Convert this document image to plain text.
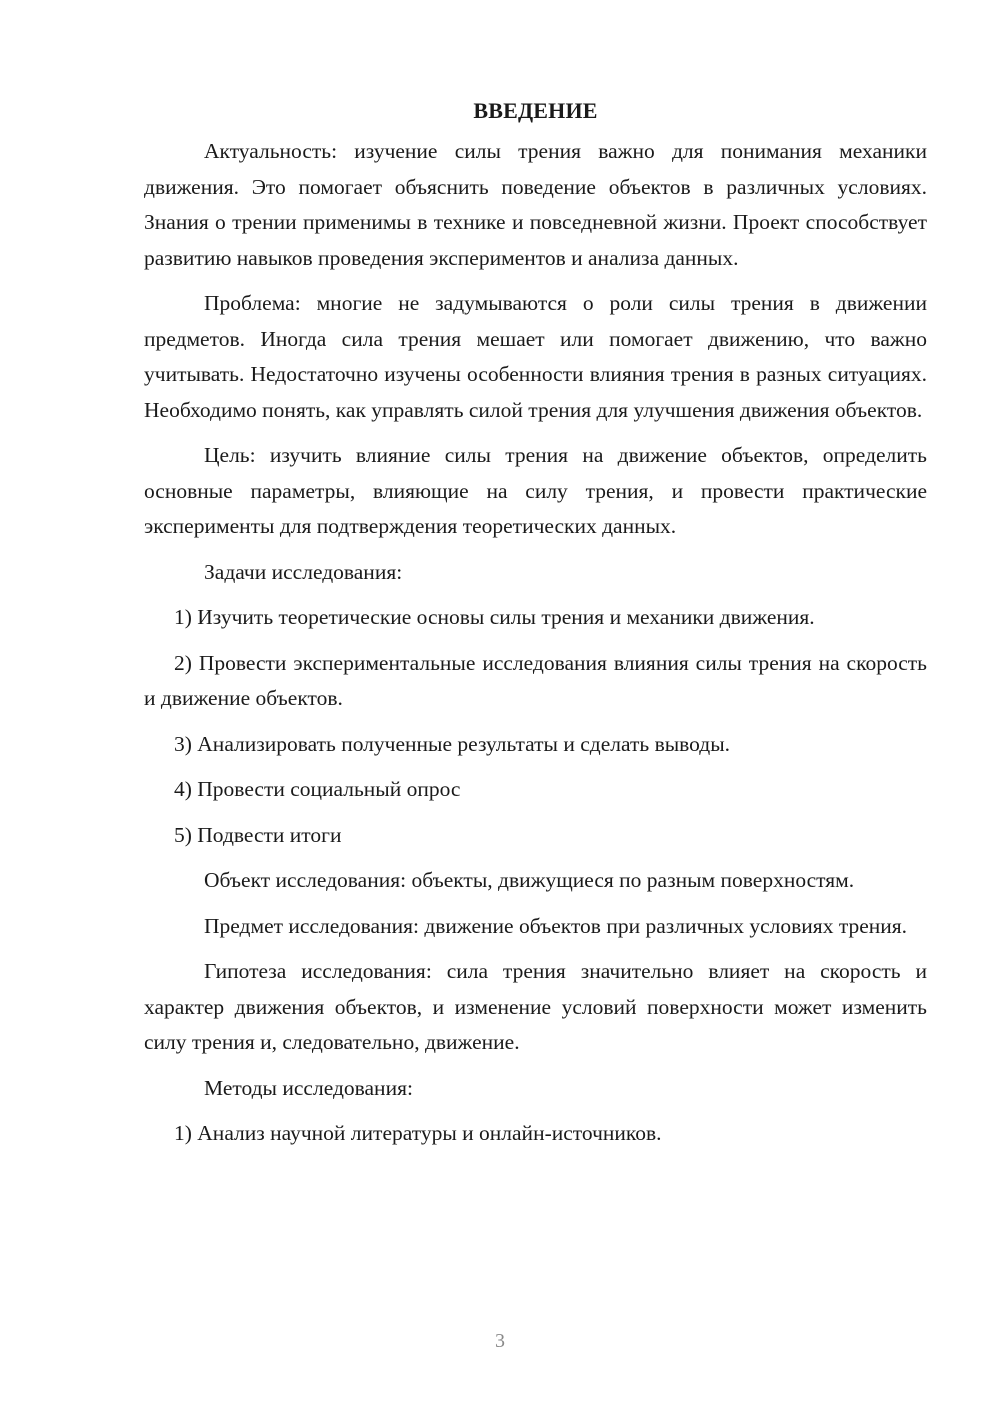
ВВЕДЕНИЕ

Актуальность: изучение силы трения важно для понимания механики движения. Это помогает объяснить поведение объектов в различных условиях. Знания о трении применимы в технике и повседневной жизни. Проект способствует развитию навыков проведения экспериментов и анализа данных.

Проблема: многие не задумываются о роли силы трения в движении предметов. Иногда сила трения мешает или помогает движению, что важно учитывать. Недостаточно изучены особенности влияния трения в разных ситуациях. Необходимо понять, как управлять силой трения для улучшения движения объектов.

Цель: изучить влияние силы трения на движение объектов, определить основные параметры, влияющие на силу трения, и провести практические эксперименты для подтверждения теоретических данных.

Задачи исследования:

1) Изучить теоретические основы силы трения и механики движения.

2) Провести экспериментальные исследования влияния силы трения на скорость и движение объектов.

3) Анализировать полученные результаты и сделать выводы.

4) Провести социальный опрос

5) Подвести итоги

Объект исследования: объекты, движущиеся по разным поверхностям.

Предмет исследования: движение объектов при различных условиях трения.

Гипотеза исследования: сила трения значительно влияет на скорость и характер движения объектов, и изменение условий поверхности может изменить силу трения и, следовательно, движение.

Методы исследования:

1) Анализ научной литературы и онлайн-источников.

3
